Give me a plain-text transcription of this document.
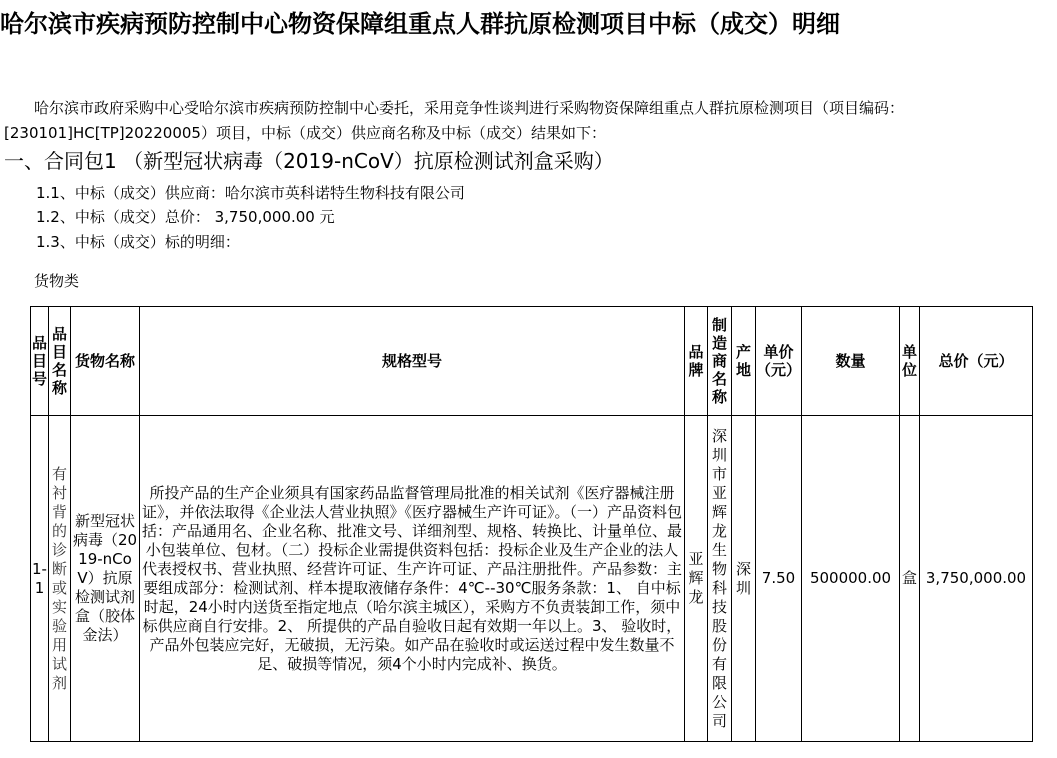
哈尔滨市疾病预防控制中心物资保障组重点人群抗原检测项目中标（成交）明细
哈尔滨市政府采购中心受哈尔滨市疾病预防控制中心委托，采用竞争性谈判进行采购物资保障组重点人群抗原检测项目（项目编码：[230101]HC[TP]20220005）项目，中标（成交）供应商名称及中标（成交）结果如下：
一、合同包1 （新型冠状病毒（2019-nCoV）抗原检测试剂盒采购）
1.1、中标（成交）供应商：哈尔滨市英科诺特生物科技有限公司
1.2、中标（成交）总价： 3,750,000.00 元
1.3、中标（成交）标的明细：
货物类
品目号	品目名称	货物名称	规格型号	品牌	制造商名称	产地	单价（元）	数量	单位	总价（元）
1-1	有衬背的诊断或实验用试剂	新型冠状病毒（2019-nCoV）抗原检测试剂盒（胶体金法）	所投产品的生产企业须具有国家药品监督管理局批准的相关试剂《医疗器械注册证》，并依法取得《企业法人营业执照》《医疗器械生产许可证》。（一）产品资料包括：产品通用名、企业名称、批准文号、详细剂型、规格、转换比、计量单位、最小包装单位、包材。（二）投标企业需提供资料包括：投标企业及生产企业的法人代表授权书、营业执照、经营许可证、生产许可证、产品注册批件。产品参数：主要组成部分：检测试剂、样本提取液储存条件：4℃--30℃服务条款：1、 自中标时起，24小时内送货至指定地点（哈尔滨主城区），采购方不负责装卸工作，须中标供应商自行安排。2、 所提供的产品自验收日起有效期一年以上。3、 验收时，产品外包装应完好，无破损，无污染。如产品在验收时或运送过程中发生数量不足、破损等情况，须4个小时内完成补、换货。	亚辉龙	深圳市亚辉龙生物科技股份有限公司	深圳	7.50	500000.00	盒	3,750,000.00
